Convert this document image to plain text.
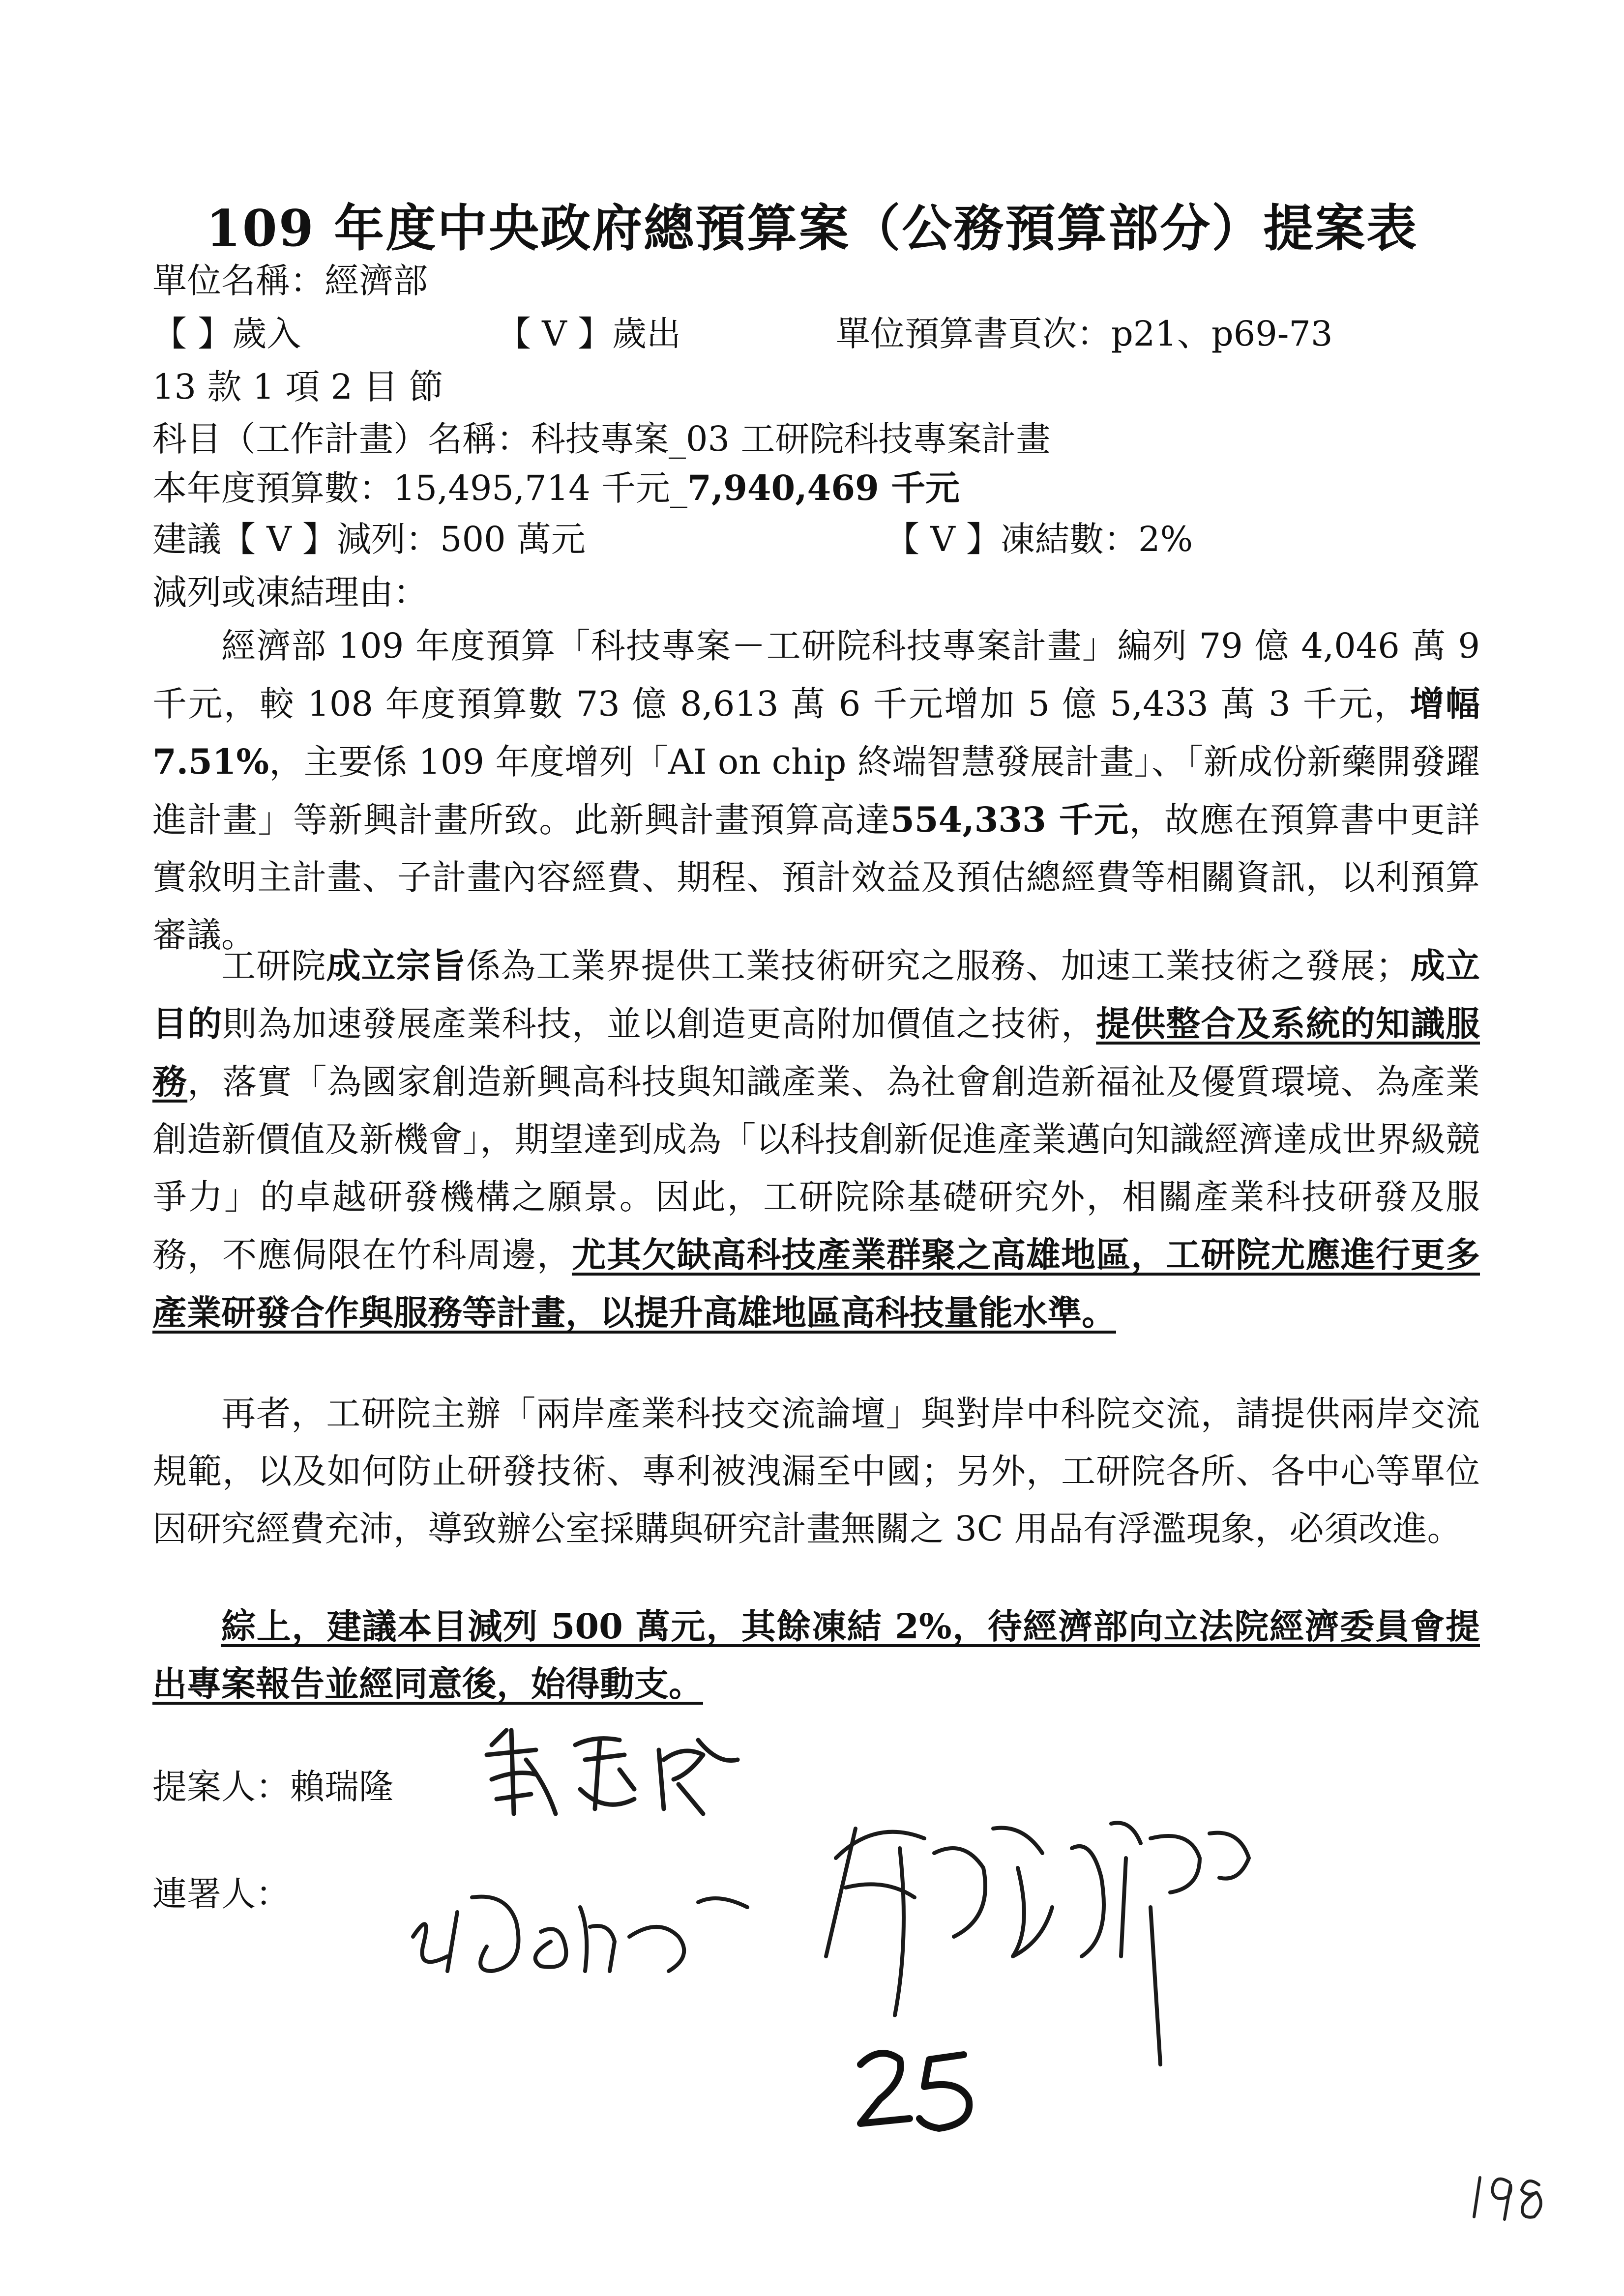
109 年度中央政府總預算案（公務預算部分）提案表
單位名稱：經濟部
【 】歲入	【 V 】歲出	單位預算書頁次：p21、p69-73
13 款 1 項 2 目 節
科目（工作計畫）名稱：科技專案_03 工研院科技專案計畫
本年度預算數：15,495,714 千元_7,940,469 千元
建議【 V 】減列：500 萬元	【 V 】凍結數：2%
減列或凍結理由：
經濟部 109 年度預算「科技專案－工研院科技專案計畫」編列 79 億 4,046 萬 9 千元，較 108 年度預算數 73 億 8,613 萬 6 千元增加 5 億 5,433 萬 3 千元，增幅 7.51%，主要係 109 年度增列「AI on chip 終端智慧發展計畫」、「新成份新藥開發躍進計畫」等新興計畫所致。此新興計畫預算高達554,333 千元，故應在預算書中更詳實敘明主計畫、子計畫內容經費、期程、預計效益及預估總經費等相關資訊，以利預算審議。
工研院成立宗旨係為工業界提供工業技術研究之服務、加速工業技術之發展；成立目的則為加速發展產業科技，並以創造更高附加價值之技術，提供整合及系統的知識服務，落實「為國家創造新興高科技與知識產業、為社會創造新福祉及優質環境、為產業創造新價值及新機會」，期望達到成為「以科技創新促進產業邁向知識經濟達成世界級競爭力」的卓越研發機構之願景。因此，工研院除基礎研究外，相關產業科技研發及服務，不應侷限在竹科周邊，尤其欠缺高科技產業群聚之高雄地區，工研院尤應進行更多產業研發合作與服務等計畫，以提升高雄地區高科技量能水準。
再者，工研院主辦「兩岸產業科技交流論壇」與對岸中科院交流，請提供兩岸交流規範，以及如何防止研發技術、專利被洩漏至中國；另外，工研院各所、各中心等單位因研究經費充沛，導致辦公室採購與研究計畫無關之 3C 用品有浮濫現象，必須改進。
綜上，建議本目減列 500 萬元，其餘凍結 2%，待經濟部向立法院經濟委員會提出專案報告並經同意後，始得動支。
提案人：賴瑞隆
連署人：
